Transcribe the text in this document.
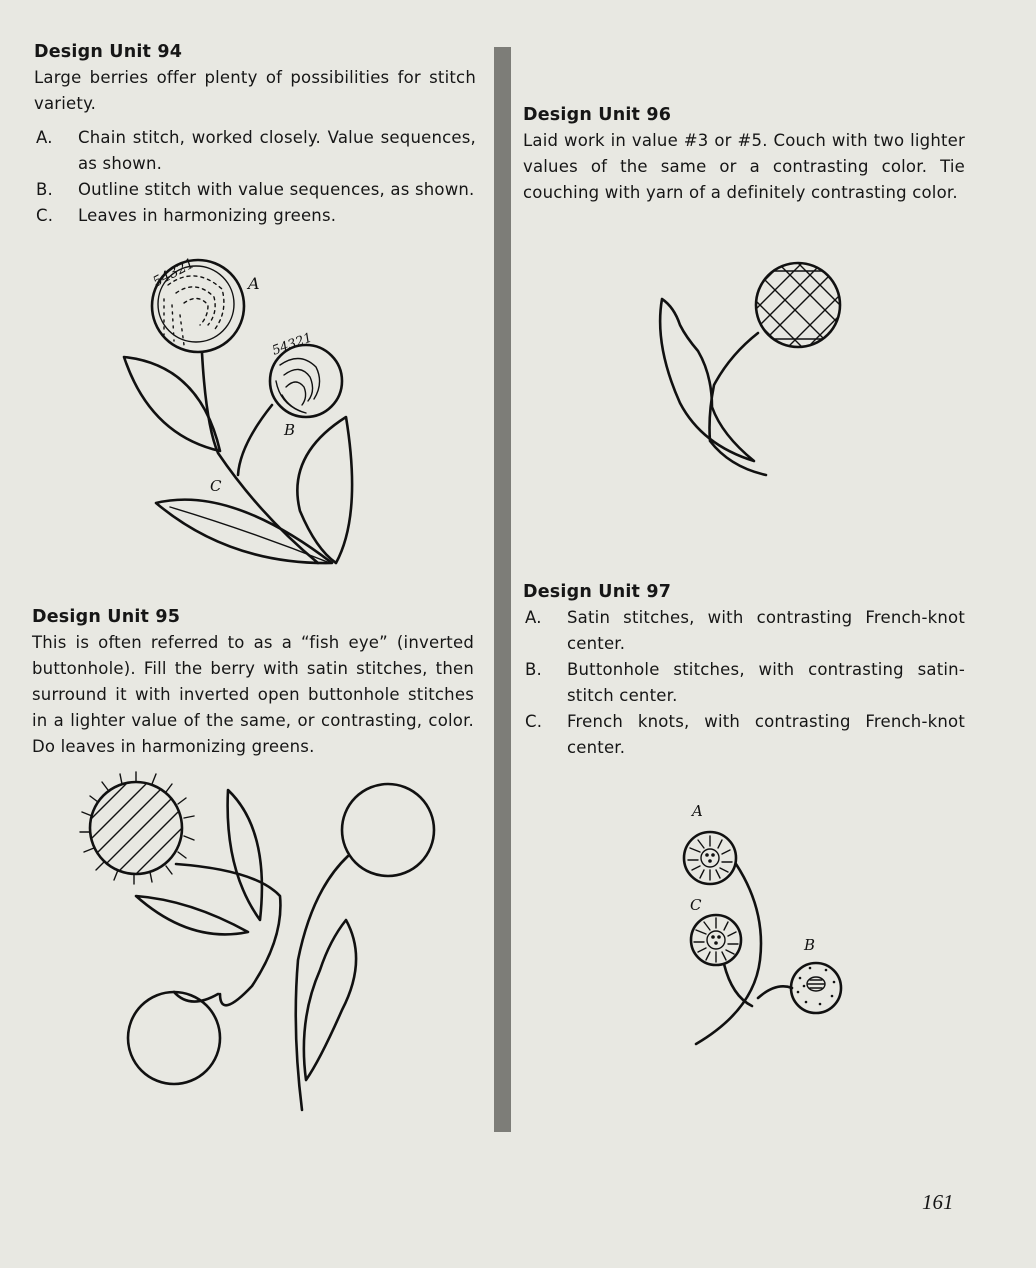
Design Unit 94

Large berries offer plenty of possibilities for stitch variety.

A. Chain stitch, worked closely. Value sequences, as shown.
B. Outline stitch with value sequences, as shown.
C. Leaves in harmonizing greens.
54321	A
54321
B
C
Design Unit 95

This is often referred to as a “fish eye” (inverted buttonhole). Fill the berry with satin stitches, then surround it with inverted open buttonhole stitches in a lighter value of the same, or contrasting, color. Do leaves in harmonizing greens.

Design Unit 96

Laid work in value #3 or #5. Couch with two lighter values of the same or a contrasting color. Tie couching with yarn of a definitely contrasting color.

Design Unit 97
A. Satin stitches, with contrasting French-knot center.
B. Buttonhole stitches, with contrasting satin-stitch center.
C. French knots, with contrasting French-knot center.
A
C
B
161
